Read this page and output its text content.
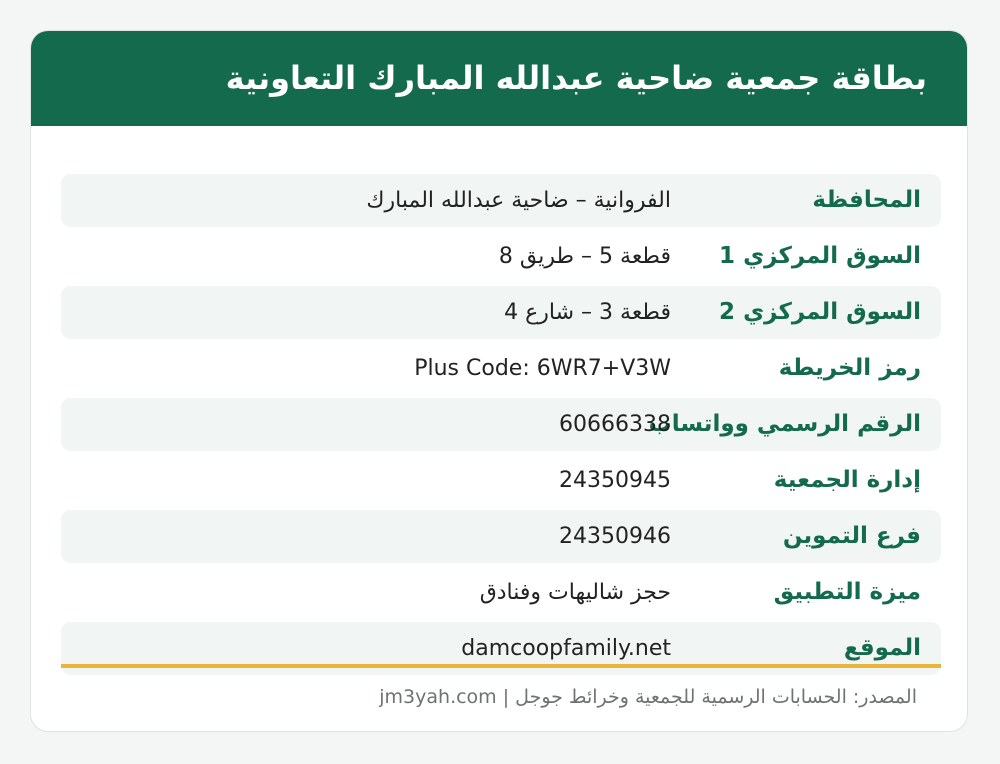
بطاقة جمعية ضاحية عبدالله المبارك التعاونية
المحافظة
الفروانية – ضاحية عبدالله المبارك
السوق المركزي 1
قطعة 5 – طريق 8
السوق المركزي 2
قطعة 3 – شارع 4
رمز الخريطة
Plus Code: 6WR7+V3W
الرقم الرسمي وواتساب
60666338
إدارة الجمعية
24350945
فرع التموين
24350946
ميزة التطبيق
حجز شاليهات وفنادق
الموقع
damcoopfamily.net
المصدر: الحسابات الرسمية للجمعية وخرائط جوجل | jm3yah.com
